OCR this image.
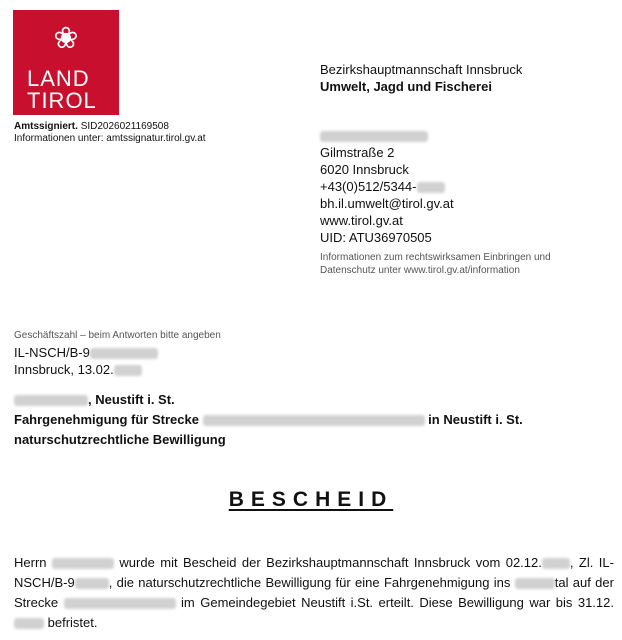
❀
LAND
TIROL
Amtssigniert. SID2026021169508
Informationen unter: amtssignatur.tirol.gv.at
Bezirkshauptmannschaft Innsbruck
Umwelt, Jagd und Fischerei
Gilmstraße 2
6020 Innsbruck
+43(0)512/5344-
bh.il.umwelt@tirol.gv.at
www.tirol.gv.at
UID: ATU36970505
Informationen zum rechtswirksamen Einbringen und Datenschutz unter www.tirol.gv.at/information
Geschäftszahl – beim Antworten bitte angeben
IL-NSCH/B-9
Innsbruck, 13.02.
, Neustift i. St.
Fahrgenehmigung für Strecke	in Neustift i. St.
naturschutzrechtliche Bewilligung
BESCHEID
Herrn	wurde mit Bescheid der Bezirkshauptmannschaft Innsbruck vom 02.12. , Zl. IL-NSCH/B-9	, die naturschutzrechtliche Bewilligung für eine Fahrgenehmigung ins	tal auf der Strecke	im Gemeindegebiet Neustift i.St. erteilt. Diese Bewilligung war bis 31.12. befristet.
